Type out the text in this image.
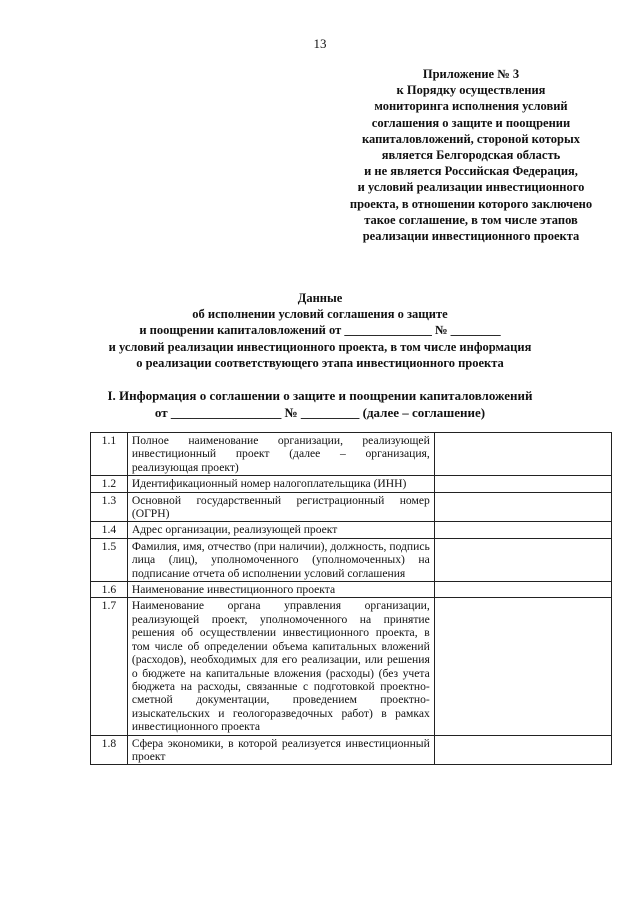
13
Приложение № 3
к Порядку осуществления
мониторинга исполнения условий
соглашения о защите и поощрении
капиталовложений, стороной которых
является Белгородская область
и не является Российская Федерация,
и условий реализации инвестиционного
проекта, в отношении которого заключено
такое соглашение, в том числе этапов
реализации инвестиционного проекта
Данные
об исполнении условий соглашения о защите
и поощрении капиталовложений от ______________ № ________
и условий реализации инвестиционного проекта, в том числе информация
о реализации соответствующего этапа инвестиционного проекта
I. Информация о соглашении о защите и поощрении капиталовложений
от _________________ № _________ (далее – соглашение)
1.1	Полное наименование организации, реализующей инвестиционный проект (далее – организация, реализующая проект)	
1.2	Идентификационный номер налогоплательщика (ИНН)	
1.3	Основной государственный регистрационный номер (ОГРН)	
1.4	Адрес организации, реализующей проект	
1.5	Фамилия, имя, отчество (при наличии), должность, подпись лица (лиц), уполномоченного (уполномоченных) на подписание отчета об исполнении условий соглашения	
1.6	Наименование инвестиционного проекта	
1.7	Наименование органа управления организации, реализующей проект, уполномоченного на принятие решения об осуществлении инвестиционного проекта, в том числе об определении объема капитальных вложений (расходов), необходимых для его реализации, или решения о бюджете на капитальные вложения (расходы) (без учета бюджета на расходы, связанные с подготовкой проектно-сметной документации, проведением проектно-изыскательских и геологоразведочных работ) в рамках инвестиционного проекта	
1.8	Сфера экономики, в которой реализуется инвестиционный проект	
